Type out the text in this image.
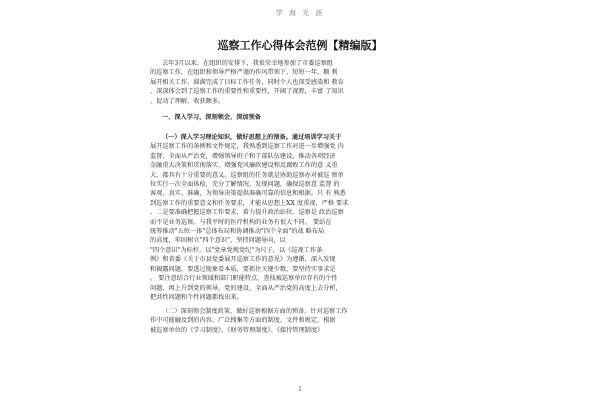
学 海 无 涯
巡察工作心得体会范例【精编版】

去年3月以来，在组织的安排下，我很荣幸地参加了市委巡察组

的巡察工作，在组织和领导严格严谨的作风带领下，短短一年，顺 利

展开相关工作，圆满完成了目标工作任务，同时个人也深受感染和 教育

，深深体会到了巡察工作的重要性和重要性，开阔了视野，丰富 了知识

，促动了理解，收获颇多。

一、深入学习，深刻领会，深加预备

（一）深入学习理论知识，做好思想上的预备。通过培训学习关于

展开巡察工作的条例和文件规定，我熟悉到巡察工作对进一步增强党 内

监督、全面从严治党，增强领导班子和干部队伍建设，推动各项经济

金融重大决策和贯彻落实、增强党风廉政建设和反腐败工作的意 义重

大，都具有十分重要的意义。巡察组的任务就是协助巡察办对被巡 察单

位实行一次全面体检，充分了解情况，发现问题，确保巡察意 监督 的

客观、真实、准确，为领导决策提供准确可靠的信息和根据。只 有 熟悉

到巡察工作的重要意义和任务要求，才能从思想上XX 度重视，严格 要求

。二是要准确把握巡察工作要求，着力提升政治站位。巡察是 政治巡察

而不是业务巡察。与我平时的医疗机构的业务有很大不同。 要站在

统筹推动"五位一体"总体布局和协调推动"四个全面"的战 略布局

的高度，牢固树立"四个意识"，坚持问题导向，以

"四个意识"为标杆，以"党章党规党纪"为尺子，以《巡视工作条

例》和省委《关于市县党委展开巡察工作的意见》为遵循，深入发现

和揭露问题，要透过现象看本质，要抓住关键少数，要坚持实事求是

。 要注意结合行业领域和部门职能特点，查找被巡察单位存有的个性

问题，再上升到党的领导、党的建设、全面从严治党的高度上去分析，

把共性问题和个性问题都找出来。

（二）深刻领会制度政策，做好巡察根据方面的预备。针对巡察工作

作中可能触及到的内容，广泛搜集等方面的制度、文件和规定，根据

被巡察单位的《学习制度》、《财务管理制度》、《接待管理制度》

1
